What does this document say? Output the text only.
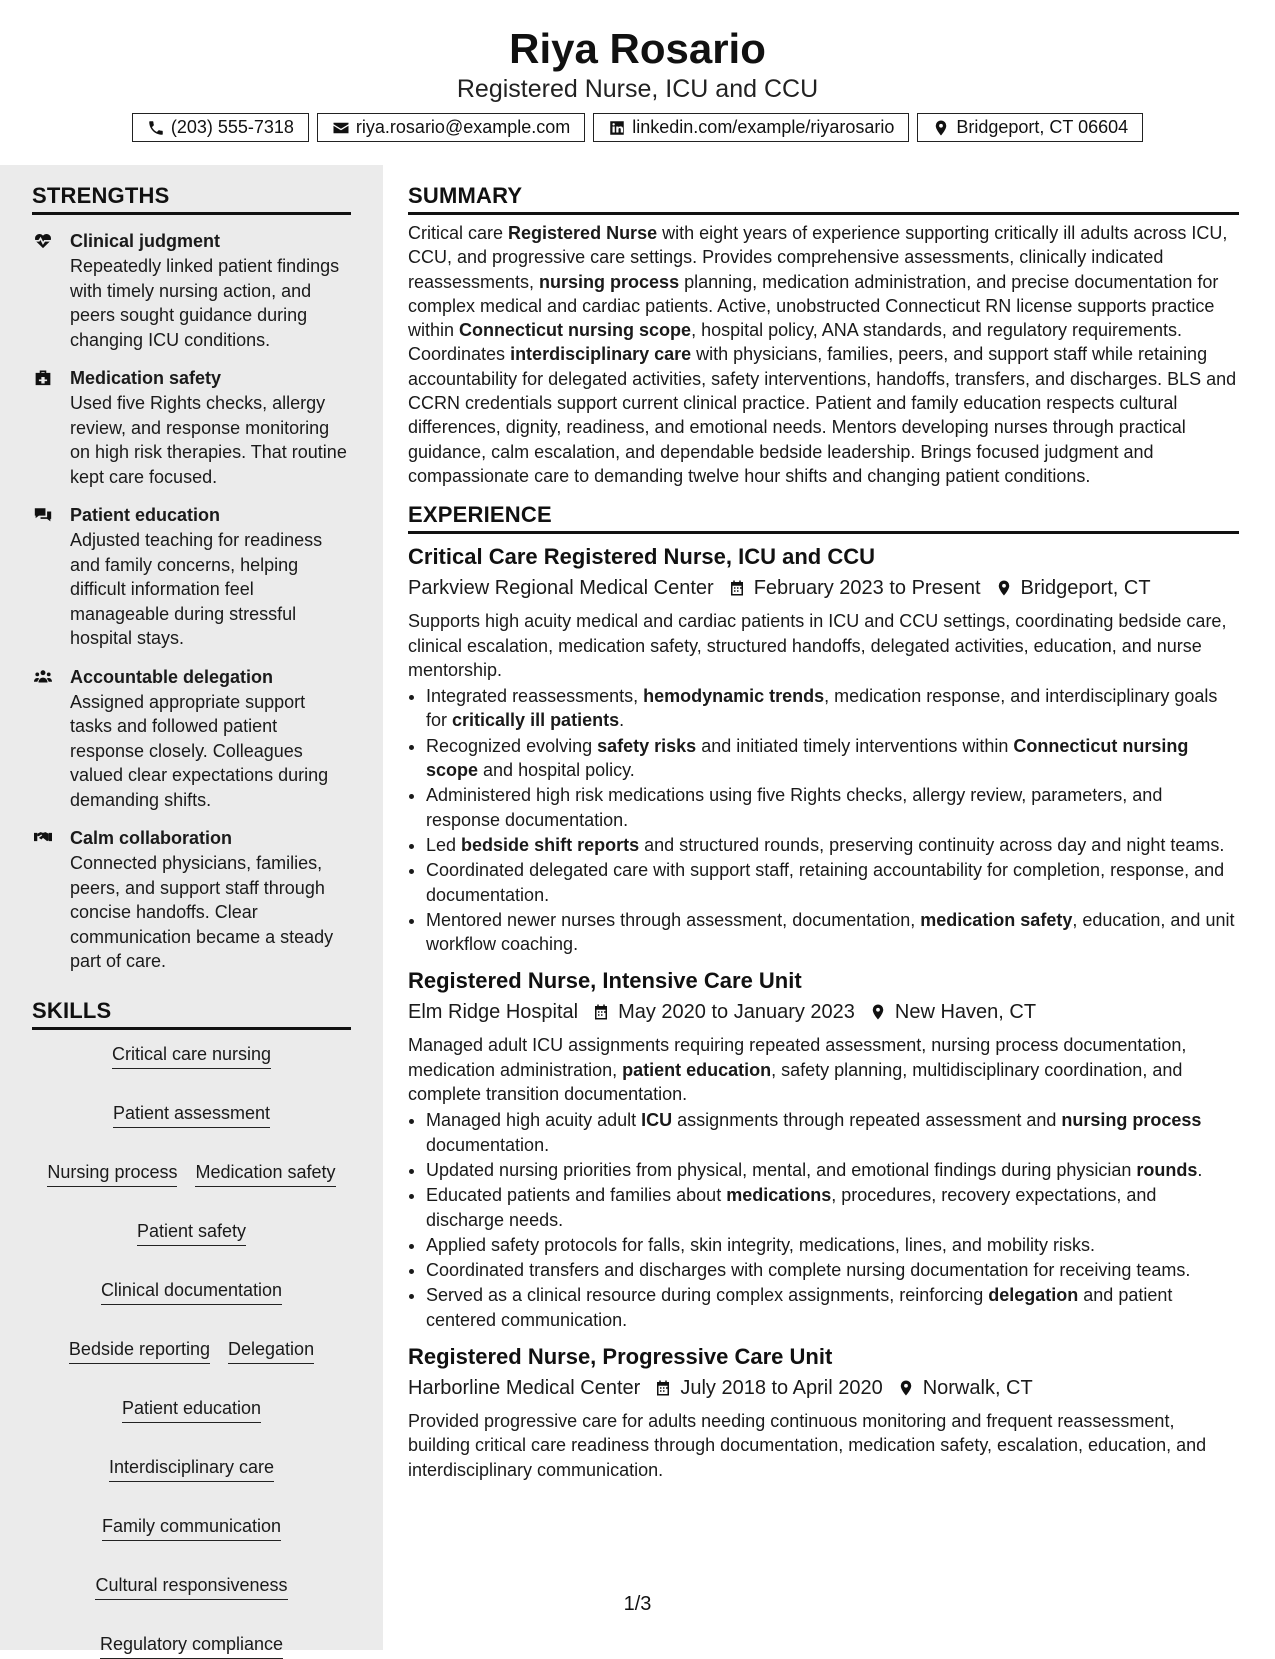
Riya Rosario
Registered Nurse, ICU and CCU
(203) 555-7318	riya.rosario@example.com	linkedin.com/example/riyarosario	Bridgeport, CT 06604
STRENGTHS
Clinical judgment
Repeatedly linked patient findings with timely nursing action, and peers sought guidance during changing ICU conditions.
Medication safety
Used five Rights checks, allergy review, and response monitoring on high risk therapies. That routine kept care focused.
Patient education
Adjusted teaching for readiness and family concerns, helping difficult information feel manageable during stressful hospital stays.
Accountable delegation
Assigned appropriate support tasks and followed patient response closely. Colleagues valued clear expectations during demanding shifts.
Calm collaboration
Connected physicians, families, peers, and support staff through concise handoffs. Clear communication became a steady part of care.
SKILLS
Critical care nursing
Patient assessment
Nursing process Medication safety
Patient safety
Clinical documentation
Bedside reporting Delegation
Patient education
Interdisciplinary care
Family communication
Cultural responsiveness
Regulatory compliance
SUMMARY
Critical care Registered Nurse with eight years of experience supporting critically ill adults across ICU, CCU, and progressive care settings. Provides comprehensive assessments, clinically indicated reassessments, nursing process planning, medication administration, and precise documentation for complex medical and cardiac patients. Active, unobstructed Connecticut RN license supports practice within Connecticut nursing scope, hospital policy, ANA standards, and regulatory requirements. Coordinates interdisciplinary care with physicians, families, peers, and support staff while retaining accountability for delegated activities, safety interventions, handoffs, transfers, and discharges. BLS and CCRN credentials support current clinical practice. Patient and family education respects cultural differences, dignity, readiness, and emotional needs. Mentors developing nurses through practical guidance, calm escalation, and dependable bedside leadership. Brings focused judgment and compassionate care to demanding twelve hour shifts and changing patient conditions.
EXPERIENCE
Critical Care Registered Nurse, ICU and CCU
Parkview Regional Medical Center February 2023 to Present Bridgeport, CT
Supports high acuity medical and cardiac patients in ICU and CCU settings, coordinating bedside care, clinical escalation, medication safety, structured handoffs, delegated activities, education, and nurse mentorship.
• Integrated reassessments, hemodynamic trends, medication response, and interdisciplinary goals for critically ill patients.
• Recognized evolving safety risks and initiated timely interventions within Connecticut nursing scope and hospital policy.
• Administered high risk medications using five Rights checks, allergy review, parameters, and response documentation.
• Led bedside shift reports and structured rounds, preserving continuity across day and night teams.
• Coordinated delegated care with support staff, retaining accountability for completion, response, and documentation.
• Mentored newer nurses through assessment, documentation, medication safety, education, and unit workflow coaching.
Registered Nurse, Intensive Care Unit
Elm Ridge Hospital May 2020 to January 2023 New Haven, CT
Managed adult ICU assignments requiring repeated assessment, nursing process documentation, medication administration, patient education, safety planning, multidisciplinary coordination, and complete transition documentation.
• Managed high acuity adult ICU assignments through repeated assessment and nursing process documentation.
• Updated nursing priorities from physical, mental, and emotional findings during physician rounds.
• Educated patients and families about medications, procedures, recovery expectations, and discharge needs.
• Applied safety protocols for falls, skin integrity, medications, lines, and mobility risks.
• Coordinated transfers and discharges with complete nursing documentation for receiving teams.
• Served as a clinical resource during complex assignments, reinforcing delegation and patient centered communication.
Registered Nurse, Progressive Care Unit
Harborline Medical Center July 2018 to April 2020 Norwalk, CT
Provided progressive care for adults needing continuous monitoring and frequent reassessment, building critical care readiness through documentation, medication safety, escalation, education, and interdisciplinary communication.
1/3
